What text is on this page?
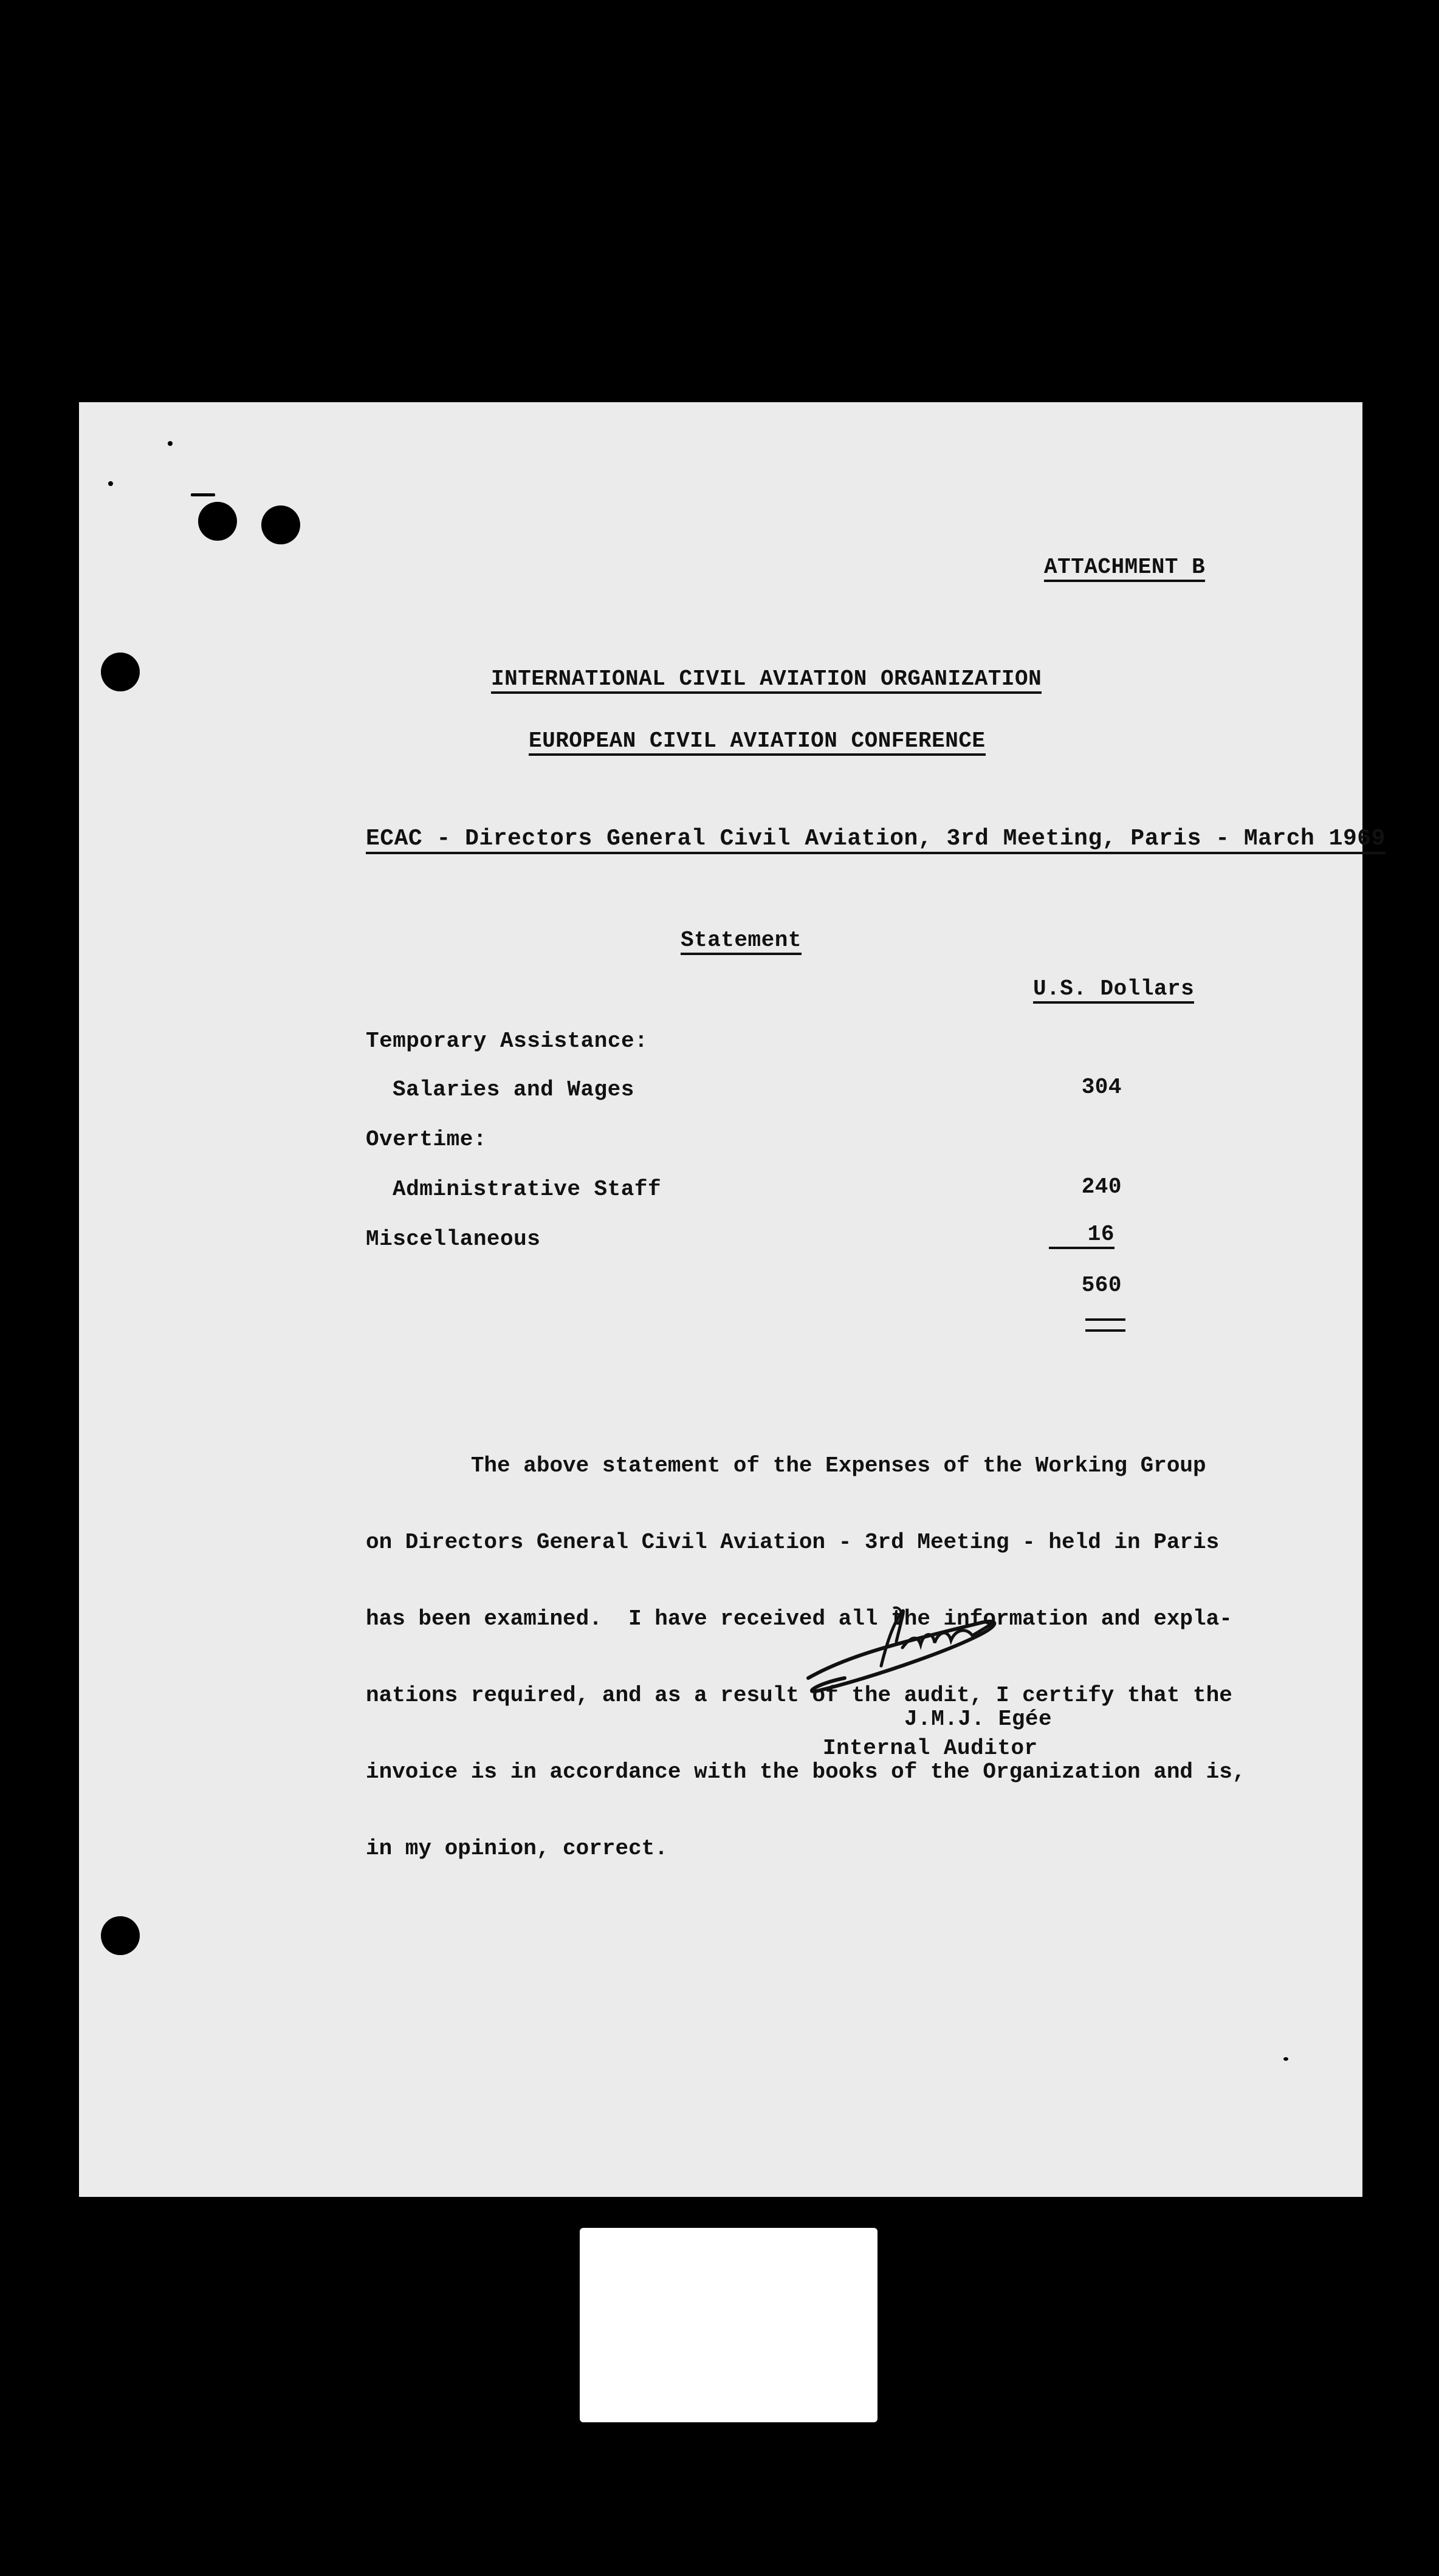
ATTACHMENT B
INTERNATIONAL CIVIL AVIATION ORGANIZATION
EUROPEAN CIVIL AVIATION CONFERENCE
ECAC - Directors General Civil Aviation, 3rd Meeting, Paris - March 1969
Statement
U.S. Dollars
Temporary Assistance:
Salaries and Wages	304
Overtime:
Administrative Staff	240
Miscellaneous	16
560

The above statement of the Expenses of the Working Group

on Directors General Civil Aviation - 3rd Meeting - held in Paris

has been examined.  I have received all the information and expla-

nations required, and as a result of the audit, I certify that the

invoice is in accordance with the books of the Organization and is,

in my opinion, correct.

J.M.J. Egée
Internal Auditor
